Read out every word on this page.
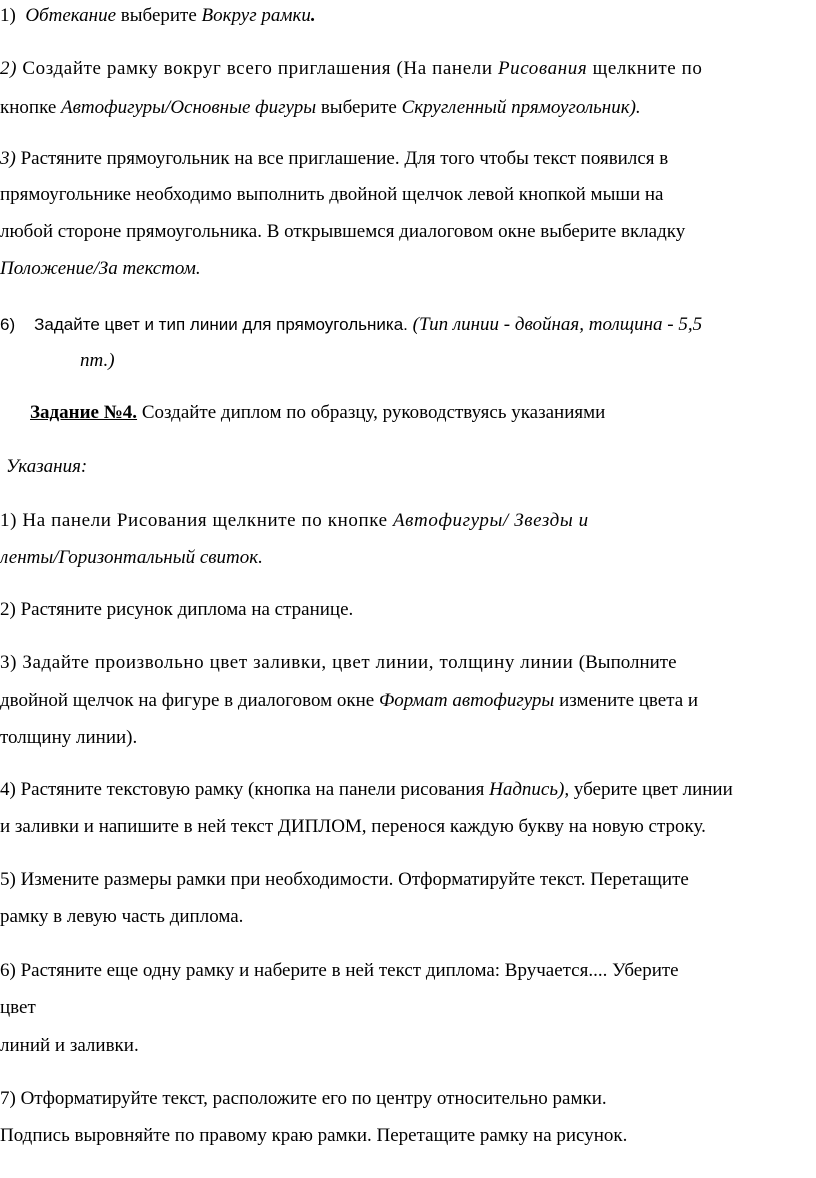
1) Обтекание выберите Вокруг рамки.
2) Создайте рамку вокруг всего приглашения (На панели Рисования щелкните по
кнопке Автофигуры/Основные фигуры выберите Скругленный прямоугольник).
3) Растяните прямоугольник на все приглашение. Для того чтобы текст появился в
прямоугольнике необходимо выполнить двойной щелчок левой кнопкой мыши на
любой стороне прямоугольника. В открывшемся диалоговом окне выберите вкладку
Положение/За текстом.
6) Задайте цвет и тип линии для прямоугольника. (Тип линии - двойная, толщина - 5,5
пт.)
Задание №4. Создайте диплом по образцу, руководствуясь указаниями
Указания:
1) На панели Рисования щелкните по кнопке Автофигуры/ Звезды и
ленты/Горизонтальный свиток.
2) Растяните рисунок диплома на странице.
3) Задайте произвольно цвет заливки, цвет линии, толщину линии (Выполните
двойной щелчок на фигуре в диалоговом окне Формат автофигуры измените цвета и
толщину линии).
4) Растяните текстовую рамку (кнопка на панели рисования Надпись), уберите цвет линии
и заливки и напишите в ней текст ДИПЛОМ, перенося каждую букву на новую строку.
5) Измените размеры рамки при необходимости. Отформатируйте текст. Перетащите
рамку в левую часть диплома.
6) Растяните еще одну рамку и наберите в ней текст диплома: Вручается.... Уберите
цвет
линий и заливки.
7) Отформатируйте текст, расположите его по центру относительно рамки.
Подпись выровняйте по правому краю рамки. Перетащите рамку на рисунок.
